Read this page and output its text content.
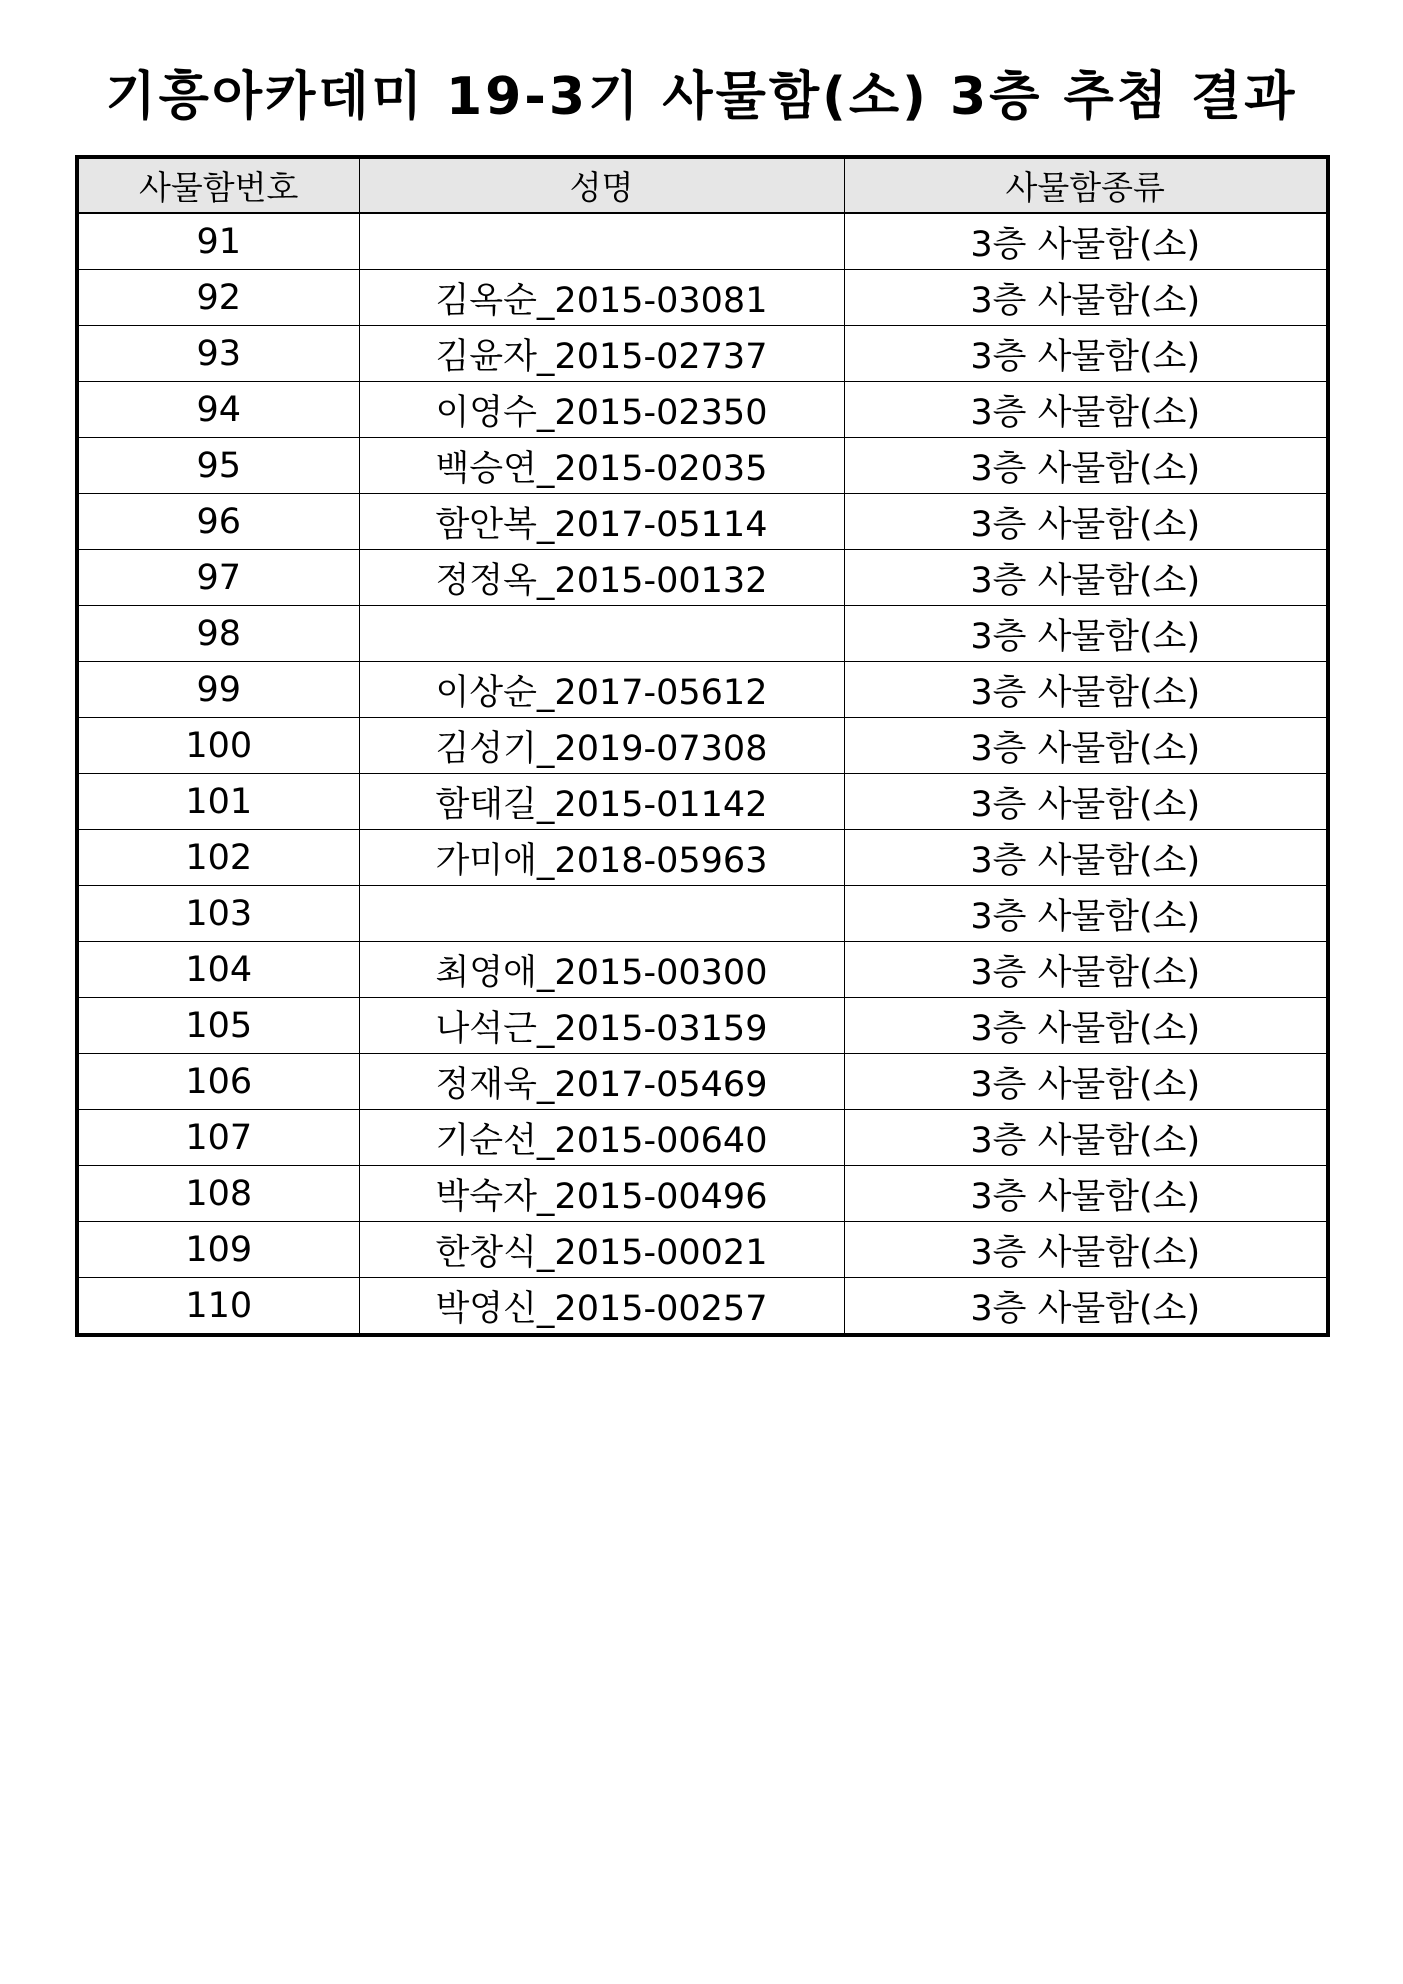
기흥아카데미 19-3기 사물함(소) 3층 추첨 결과
사물함번호	성명	사물함종류
91		3층 사물함(소)
92	김옥순_2015-03081	3층 사물함(소)
93	김윤자_2015-02737	3층 사물함(소)
94	이영수_2015-02350	3층 사물함(소)
95	백승연_2015-02035	3층 사물함(소)
96	함안복_2017-05114	3층 사물함(소)
97	정정옥_2015-00132	3층 사물함(소)
98		3층 사물함(소)
99	이상순_2017-05612	3층 사물함(소)
100	김성기_2019-07308	3층 사물함(소)
101	함태길_2015-01142	3층 사물함(소)
102	가미애_2018-05963	3층 사물함(소)
103		3층 사물함(소)
104	최영애_2015-00300	3층 사물함(소)
105	나석근_2015-03159	3층 사물함(소)
106	정재욱_2017-05469	3층 사물함(소)
107	기순선_2015-00640	3층 사물함(소)
108	박숙자_2015-00496	3층 사물함(소)
109	한창식_2015-00021	3층 사물함(소)
110	박영신_2015-00257	3층 사물함(소)
